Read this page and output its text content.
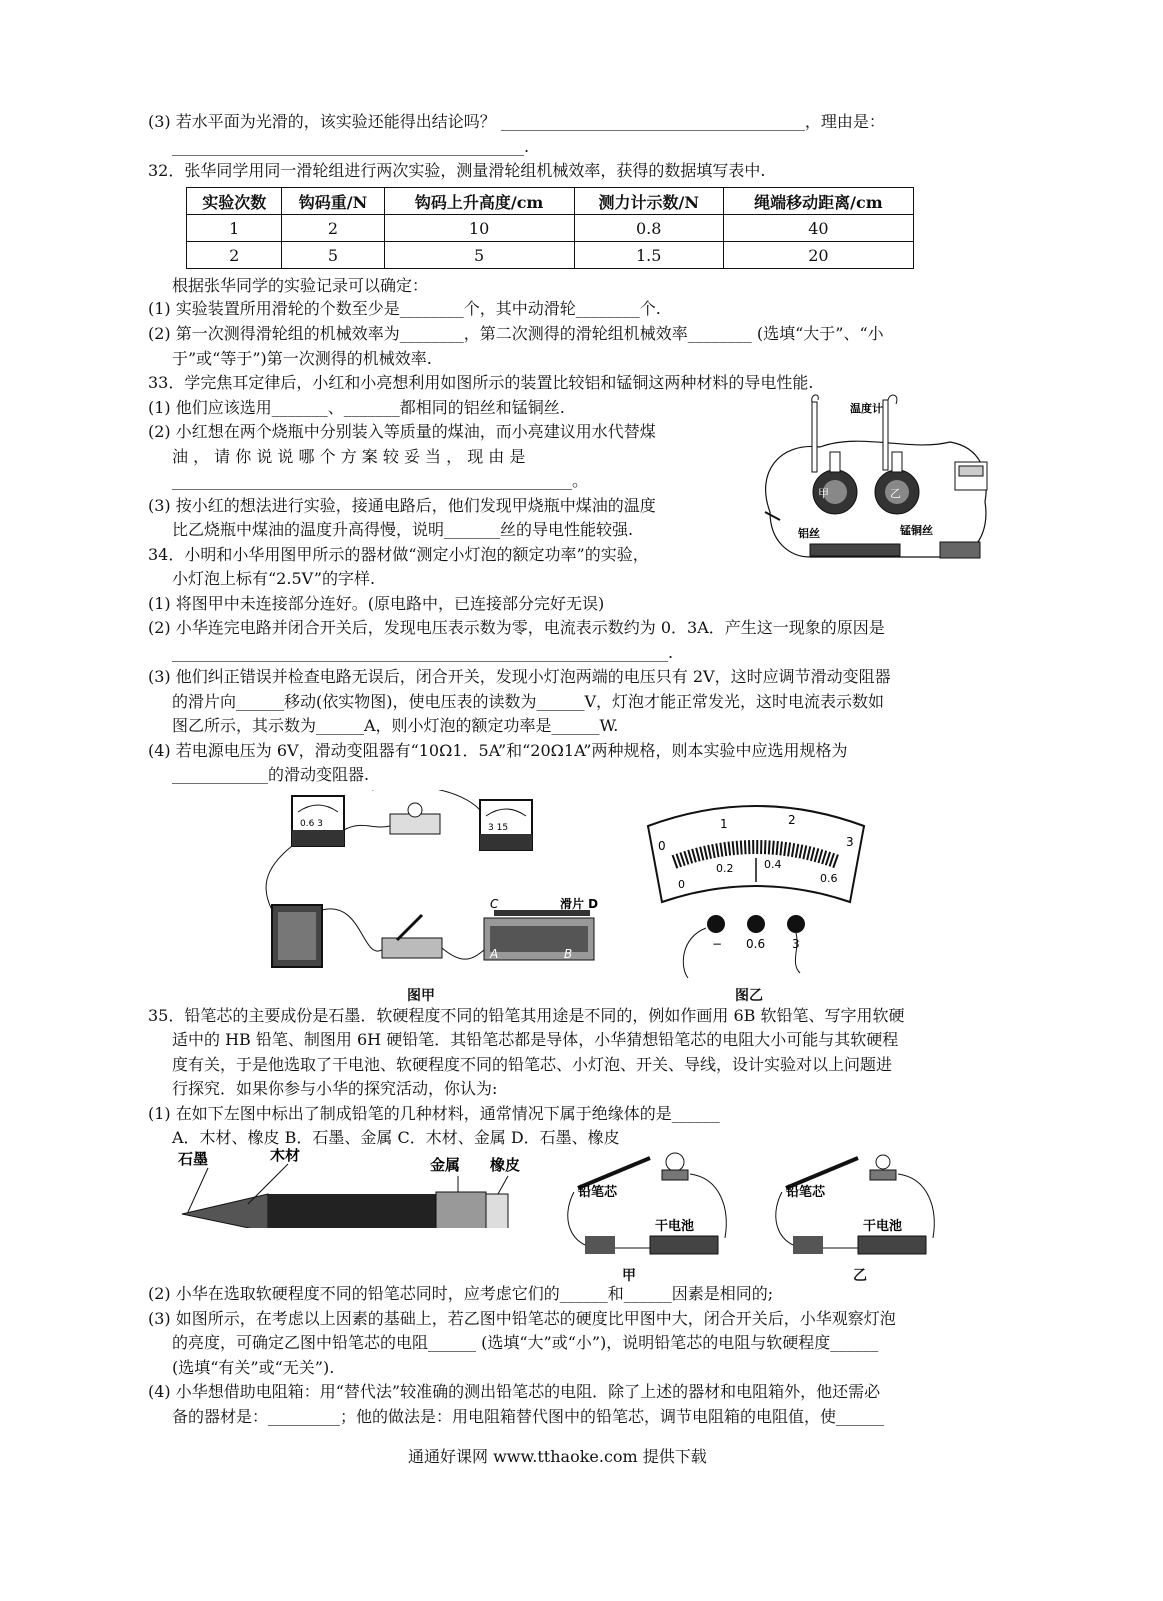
(3) 若水平面为光滑的，该实验还能得出结论吗？ ______________________________________，理由是：
____________________________________________.
32．张华同学用同一滑轮组进行两次实验，测量滑轮组机械效率，获得的数据填写表中.
实验次数	钩码重/N	钩码上升高度/cm	测力计示数/N	绳端移动距离/cm
1	2	10	0.8	40
2	5	5	1.5	20
根据张华同学的实验记录可以确定：
(1) 实验装置所用滑轮的个数至少是________个，其中动滑轮________个.
(2) 第一次测得滑轮组的机械效率为________，第二次测得的滑轮组机械效率________ (选填“大于”、“小
于”或“等于”)第一次测得的机械效率.
33．学完焦耳定律后，小红和小亮想利用如图所示的装置比较铝和锰铜这两种材料的导电性能.
(1) 他们应该选用_______、_______都相同的铝丝和锰铜丝.
(2) 小红想在两个烧瓶中分别装入等质量的煤油，而小亮建议用水代替煤
油 ， 请 你 说 说 哪 个 方 案 较 妥 当 ， 现 由 是
__________________________________________________。
(3) 按小红的想法进行实验，接通电路后，他们发现甲烧瓶中煤油的温度
比乙烧瓶中煤油的温度升高得慢，说明_______丝的导电性能较强.
温度计
甲	乙
铝丝	锰铜丝
34．小明和小华用图甲所示的器材做“测定小灯泡的额定功率”的实验，
小灯泡上标有“2.5V”的字样.
(1) 将图甲中未连接部分连好。(原电路中，已连接部分完好无误)
(2) 小华连完电路并闭合开关后，发现电压表示数为零，电流表示数约为 0．3A．产生这一现象的原因是
______________________________________________________________.
(3) 他们纠正错误并检查电路无误后，闭合开关，发现小灯泡两端的电压只有 2V，这时应调节滑动变阻器
的滑片向______移动(依实物图)，使电压表的读数为______V，灯泡才能正常发光，这时电流表示数如
图乙所示，其示数为______A，则小灯泡的额定功率是______W.
(4) 若电源电压为 6V，滑动变阻器有“10Ω1．5A”和“20Ω1A”两种规格，则本实验中应选用规格为
____________的滑动变阻器.
0.6 3	3 15
C
A	B
滑片 D
图甲
0
1	2
3
0
0.2	0.4
0.6
− 0.6 3
图乙
35．铅笔芯的主要成份是石墨．软硬程度不同的铅笔其用途是不同的，例如作画用 6B 软铅笔、写字用软硬
适中的 HB 铅笔、制图用 6H 硬铅笔．其铅笔芯都是导体，小华猜想铅笔芯的电阻大小可能与其软硬程
度有关，于是他选取了干电池、软硬程度不同的铅笔芯、小灯泡、开关、导线，设计实验对以上问题进
行探究．如果你参与小华的探究活动，你认为:
(1) 在如下左图中标出了制成铅笔的几种材料，通常情况下属于绝缘体的是______
A．木材、橡皮 B．石墨、金属 C．木材、金属 D．石墨、橡皮
石墨	木材
金属 橡皮
铅笔芯
干电池
甲
铅笔芯
干电池
乙
(2) 小华在选取软硬程度不同的铅笔芯同时，应考虑它们的______和______因素是相同的;
(3) 如图所示，在考虑以上因素的基础上，若乙图中铅笔芯的硬度比甲图中大，闭合开关后，小华观察灯泡
的亮度，可确定乙图中铅笔芯的电阻______ (选填“大”或“小”)，说明铅笔芯的电阻与软硬程度______
(选填“有关”或“无关”).
(4) 小华想借助电阻箱：用“替代法”较准确的测出铅笔芯的电阻．除了上述的器材和电阻箱外，他还需必
备的器材是：_________；他的做法是：用电阻箱替代图中的铅笔芯，调节电阻箱的电阻值，使______
通通好课网 www.tthaoke.com 提供下载
